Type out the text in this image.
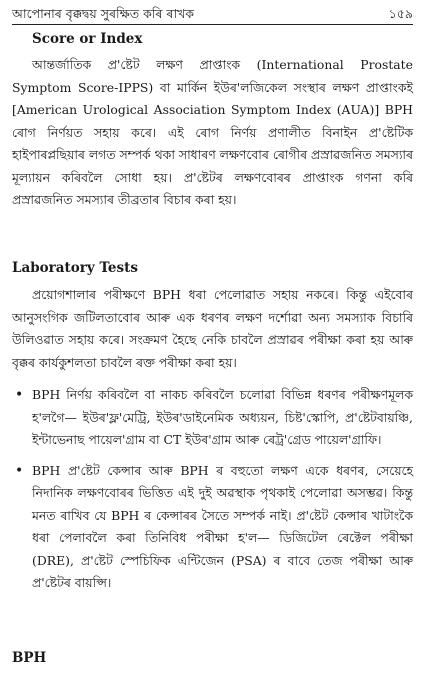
আপোনাৰ বৃক্কদ্বয় সুৰক্ষিত কৰি ৰাখক	১৫৯
Score or Index

আন্তৰ্জাতিক প্ৰ'ষ্টেট লক্ষণ প্ৰাপ্তাংক (International Prostate Symptom Score-IPPS) বা মাৰ্কিন ইউৰ'লজিকেল সংস্থাৰ লক্ষণ প্ৰাপ্তাংকই [American Urological Association Symptom Index (AUA)] BPH ৰোগ নিৰ্ণয়ত সহায় কৰে। এই ৰোগ নিৰ্ণয় প্ৰণালীত বিনাইন প্ৰ'ষ্টেটিক হাইপাৰপ্লছিয়াৰ লগত সম্পৰ্ক থকা সাধাৰণ লক্ষণবোৰ ৰোগীৰ প্ৰস্ৰাৱজনিত সমস্যাৰ মূল্যায়ন কৰিবলৈ সোধা হয়। প্ৰ'ষ্টেটৰ লক্ষণবোৰৰ প্ৰাপ্তাংক গণনা কৰি প্ৰস্ৰাৱজনিত সমস্যাৰ তীব্ৰতাৰ বিচাৰ কৰা হয়।

Laboratory Tests

প্ৰয়োগশালাৰ পৰীক্ষণে BPH ধৰা পেলোৱাত সহায় নকৰে। কিন্তু এইবোৰ আনুসংগিক জটিলতাবোৰ আৰু এক ধৰণৰ লক্ষণ দৰ্শোৱা অন্য সমস্যাক বিচাৰি উলিওৱাত সহায় কৰে। সংক্ৰমণ হৈছে নেকি চাবলৈ প্ৰস্ৰাৱৰ পৰীক্ষা কৰা হয় আৰু বৃক্কৰ কাৰ্যকুশলতা চাবলৈ ৰক্ত পৰীক্ষা কৰা হয়।

• BPH নিৰ্ণয় কৰিবলৈ বা নাকচ কৰিবলৈ চলোৱা বিভিন্ন ধৰণৰ পৰীক্ষণমূলক হ'লগৈ— ইউৰ'ফ্ল'মেট্ৰি, ইউৰ'ডাইনেমিক অধ্যয়ন, চিষ্ট'স্কোপি, প্ৰ'ষ্টেটবায়ঞ্চি, ইন্টাভেনাছ পায়েল'গ্ৰাম বা CT ইউৰ'গ্ৰাম আৰু ৰেট্ৰ'গ্ৰেড পায়েল'গ্ৰাফি।
• BPH প্ৰ'ষ্টেট কেন্সাৰ আৰু BPH ৰ বহুতো লক্ষণ একে ধৰণৰ, সেয়েহে নিদানিক লক্ষণবোৰৰ ভিত্তিত এই দুই অৱস্থাক পৃথকাই পেলোৱা অসম্ভৱ। কিন্তু মনত ৰাখিব যে BPH ৰ কেন্সাৰৰ সৈতে সম্পৰ্ক নাই। প্ৰ'ষ্টেট কেন্সাৰ খাটাংকৈ ধৰা পেলাবলৈ কৰা তিনিবিধ পৰীক্ষা হ'ল— ডিজিটেল ৰেক্টেল পৰীক্ষা (DRE), প্ৰ'ষ্টেট স্পেচিফিক এন্টিজেন (PSA) ৰ বাবে তেজ পৰীক্ষা আৰু প্ৰ'ষ্টেটৰ বায়প্সি।
BPH
